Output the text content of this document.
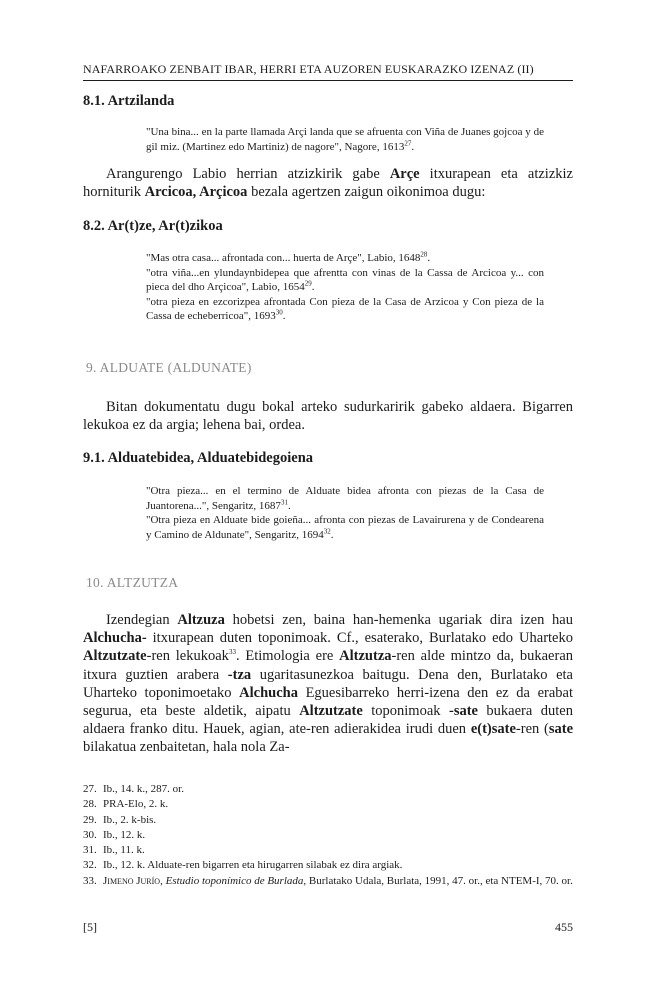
NAFARROAKO ZENBAIT IBAR, HERRI ETA AUZOREN EUSKARAZKO IZENAZ (II)
8.1. Artzilanda

"Una bina... en la parte llamada Arçi landa que se afruenta con Viña de Juanes gojcoa y de gil miz. (Martinez edo Martiniz) de nagore", Nagore, 1613$^{27}$.

Arangurengo Labio herrian atzizkirik gabe Arçe itxurapean eta atzizkiz horniturik Arcicoa, Arçicoa bezala agertzen zaigun oikonimoa dugu:

8.2. Ar(t)ze, Ar(t)zikoa

"Mas otra casa... afrontada con... huerta de Arçe", Labio, 1648$^{28}$.

"otra viña...en ylundaynbidepea que afrentta con vinas de la Cassa de Arcicoa y... con pieca del dho Arçicoa", Labio, 1654$^{29}$.

"otra pieza en ezcorizpea afrontada Con pieza de la Casa de Arzicoa y Con pieza de la Cassa de echeberricoa", 1693$^{30}$.

9. ALDUATE (ALDUNATE)

Bitan dokumentatu dugu bokal arteko sudurkaririk gabeko aldaera. Bigarren lekukoa ez da argia; lehena bai, ordea.

9.1. Alduatebidea, Alduatebidegoiena

"Otra pieza... en el termino de Alduate bidea afronta con piezas de la Casa de Juantorena...", Sengaritz, 1687$^{31}$.

"Otra pieza en Alduate bide goieña... afronta con piezas de Lavairurena y de Condearena y Camino de Aldunate", Sengaritz, 1694$^{32}$.

10. ALTZUTZA

Izendegian Altzuza hobetsi zen, baina han-hemenka ugariak dira izen hau Alchucha- itxurapean duten toponimoak. Cf., esaterako, Burlatako edo Uharteko Altzutzate-ren lekukoak$^{33}$. Etimologia ere Altzutza-ren alde mintzo da, bukaeran itxura guztien arabera -tza ugaritasunezkoa baitugu. Dena den, Burlatako eta Uharteko toponimoetako Alchucha Eguesibarreko herri-izena den ez da erabat segurua, eta beste aldetik, aipatu Altzutzate toponimoak -sate bukaera duten aldaera franko ditu. Hauek, agian, ate-ren adierakidea irudi duen e(t)sate-ren (sate bilakatua zenbaitetan, hala nola Za-

27. Ib., 14. k., 287. or.

28. PRA-Elo, 2. k.

29. Ib., 2. k-bis.

30. Ib., 12. k.

31. Ib., 11. k.

32. Ib., 12. k. Alduate-ren bigarren eta hirugarren silabak ez dira argiak.

33. Jimeno Jurío, Estudio toponímico de Burlada, Burlatako Udala, Burlata, 1991, 47. or., eta NTEM-I, 70. or.

[5]	455
